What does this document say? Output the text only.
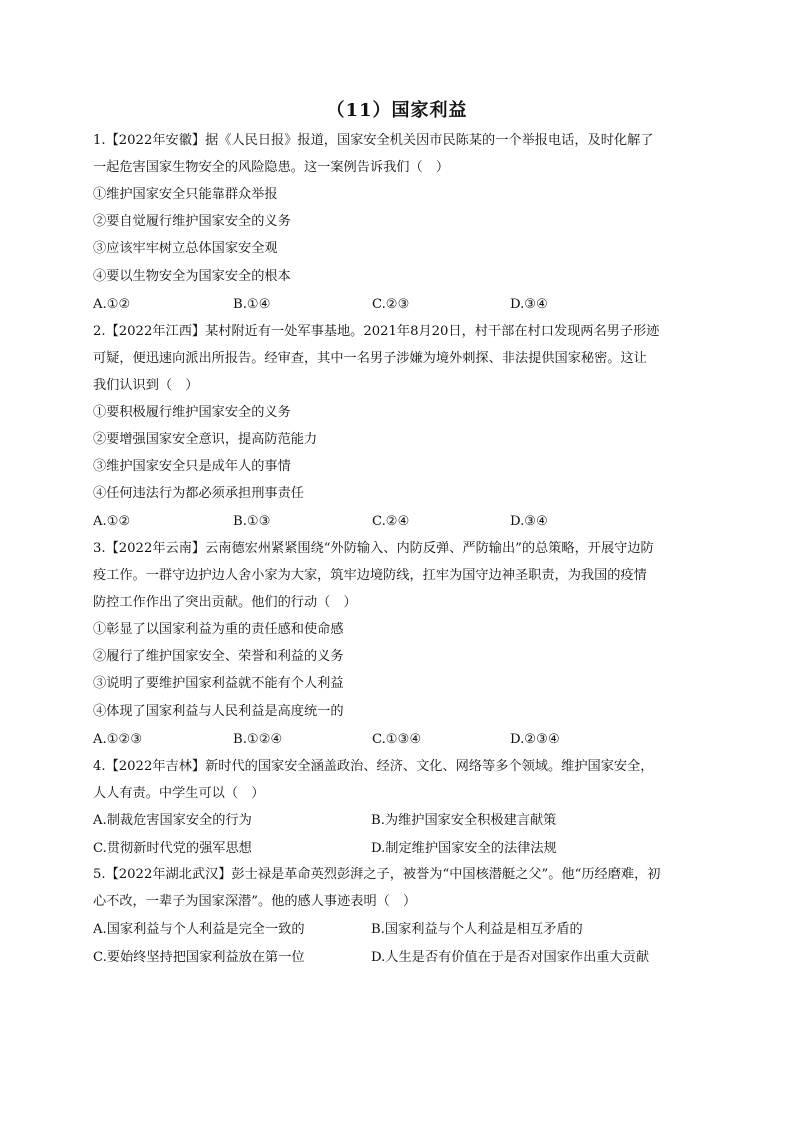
（11）国家利益
1.【2022年安徽】据《人民日报》报道，国家安全机关因市民陈某的一个举报电话，及时化解了
一起危害国家生物安全的风险隐患。这一案例告诉我们（　）
①维护国家安全只能靠群众举报
②要自觉履行维护国家安全的义务
③应该牢牢树立总体国家安全观
④要以生物安全为国家安全的根本
A.①②	B.①④	C.②③	D.③④
2.【2022年江西】某村附近有一处军事基地。2021年8月20日，村干部在村口发现两名男子形迹
可疑，便迅速向派出所报告。经审查，其中一名男子涉嫌为境外刺探、非法提供国家秘密。这让
我们认识到（　）
①要积极履行维护国家安全的义务
②要增强国家安全意识，提高防范能力
③维护国家安全只是成年人的事情
④任何违法行为都必须承担刑事责任
A.①②	B.①③	C.②④	D.③④
3.【2022年云南】云南德宏州紧紧围绕“外防输入、内防反弹、严防输出”的总策略，开展守边防
疫工作。一群守边护边人舍小家为大家，筑牢边境防线，扛牢为国守边神圣职责，为我国的疫情
防控工作作出了突出贡献。他们的行动（　）
①彰显了以国家利益为重的责任感和使命感
②履行了维护国家安全、荣誉和利益的义务
③说明了要维护国家利益就不能有个人利益
④体现了国家利益与人民利益是高度统一的
A.①②③	B.①②④	C.①③④	D.②③④
4.【2022年吉林】新时代的国家安全涵盖政治、经济、文化、网络等多个领域。维护国家安全，
人人有责。中学生可以（　）
A.制裁危害国家安全的行为	B.为维护国家安全积极建言献策
C.贯彻新时代党的强军思想	D.制定维护国家安全的法律法规
5.【2022年湖北武汉】彭士禄是革命英烈彭湃之子，被誉为“中国核潜艇之父”。他“历经磨难，初
心不改，一辈子为国家深潜”。他的感人事迹表明（　）
A.国家利益与个人利益是完全一致的	B.国家利益与个人利益是相互矛盾的
C.要始终坚持把国家利益放在第一位	D.人生是否有价值在于是否对国家作出重大贡献
